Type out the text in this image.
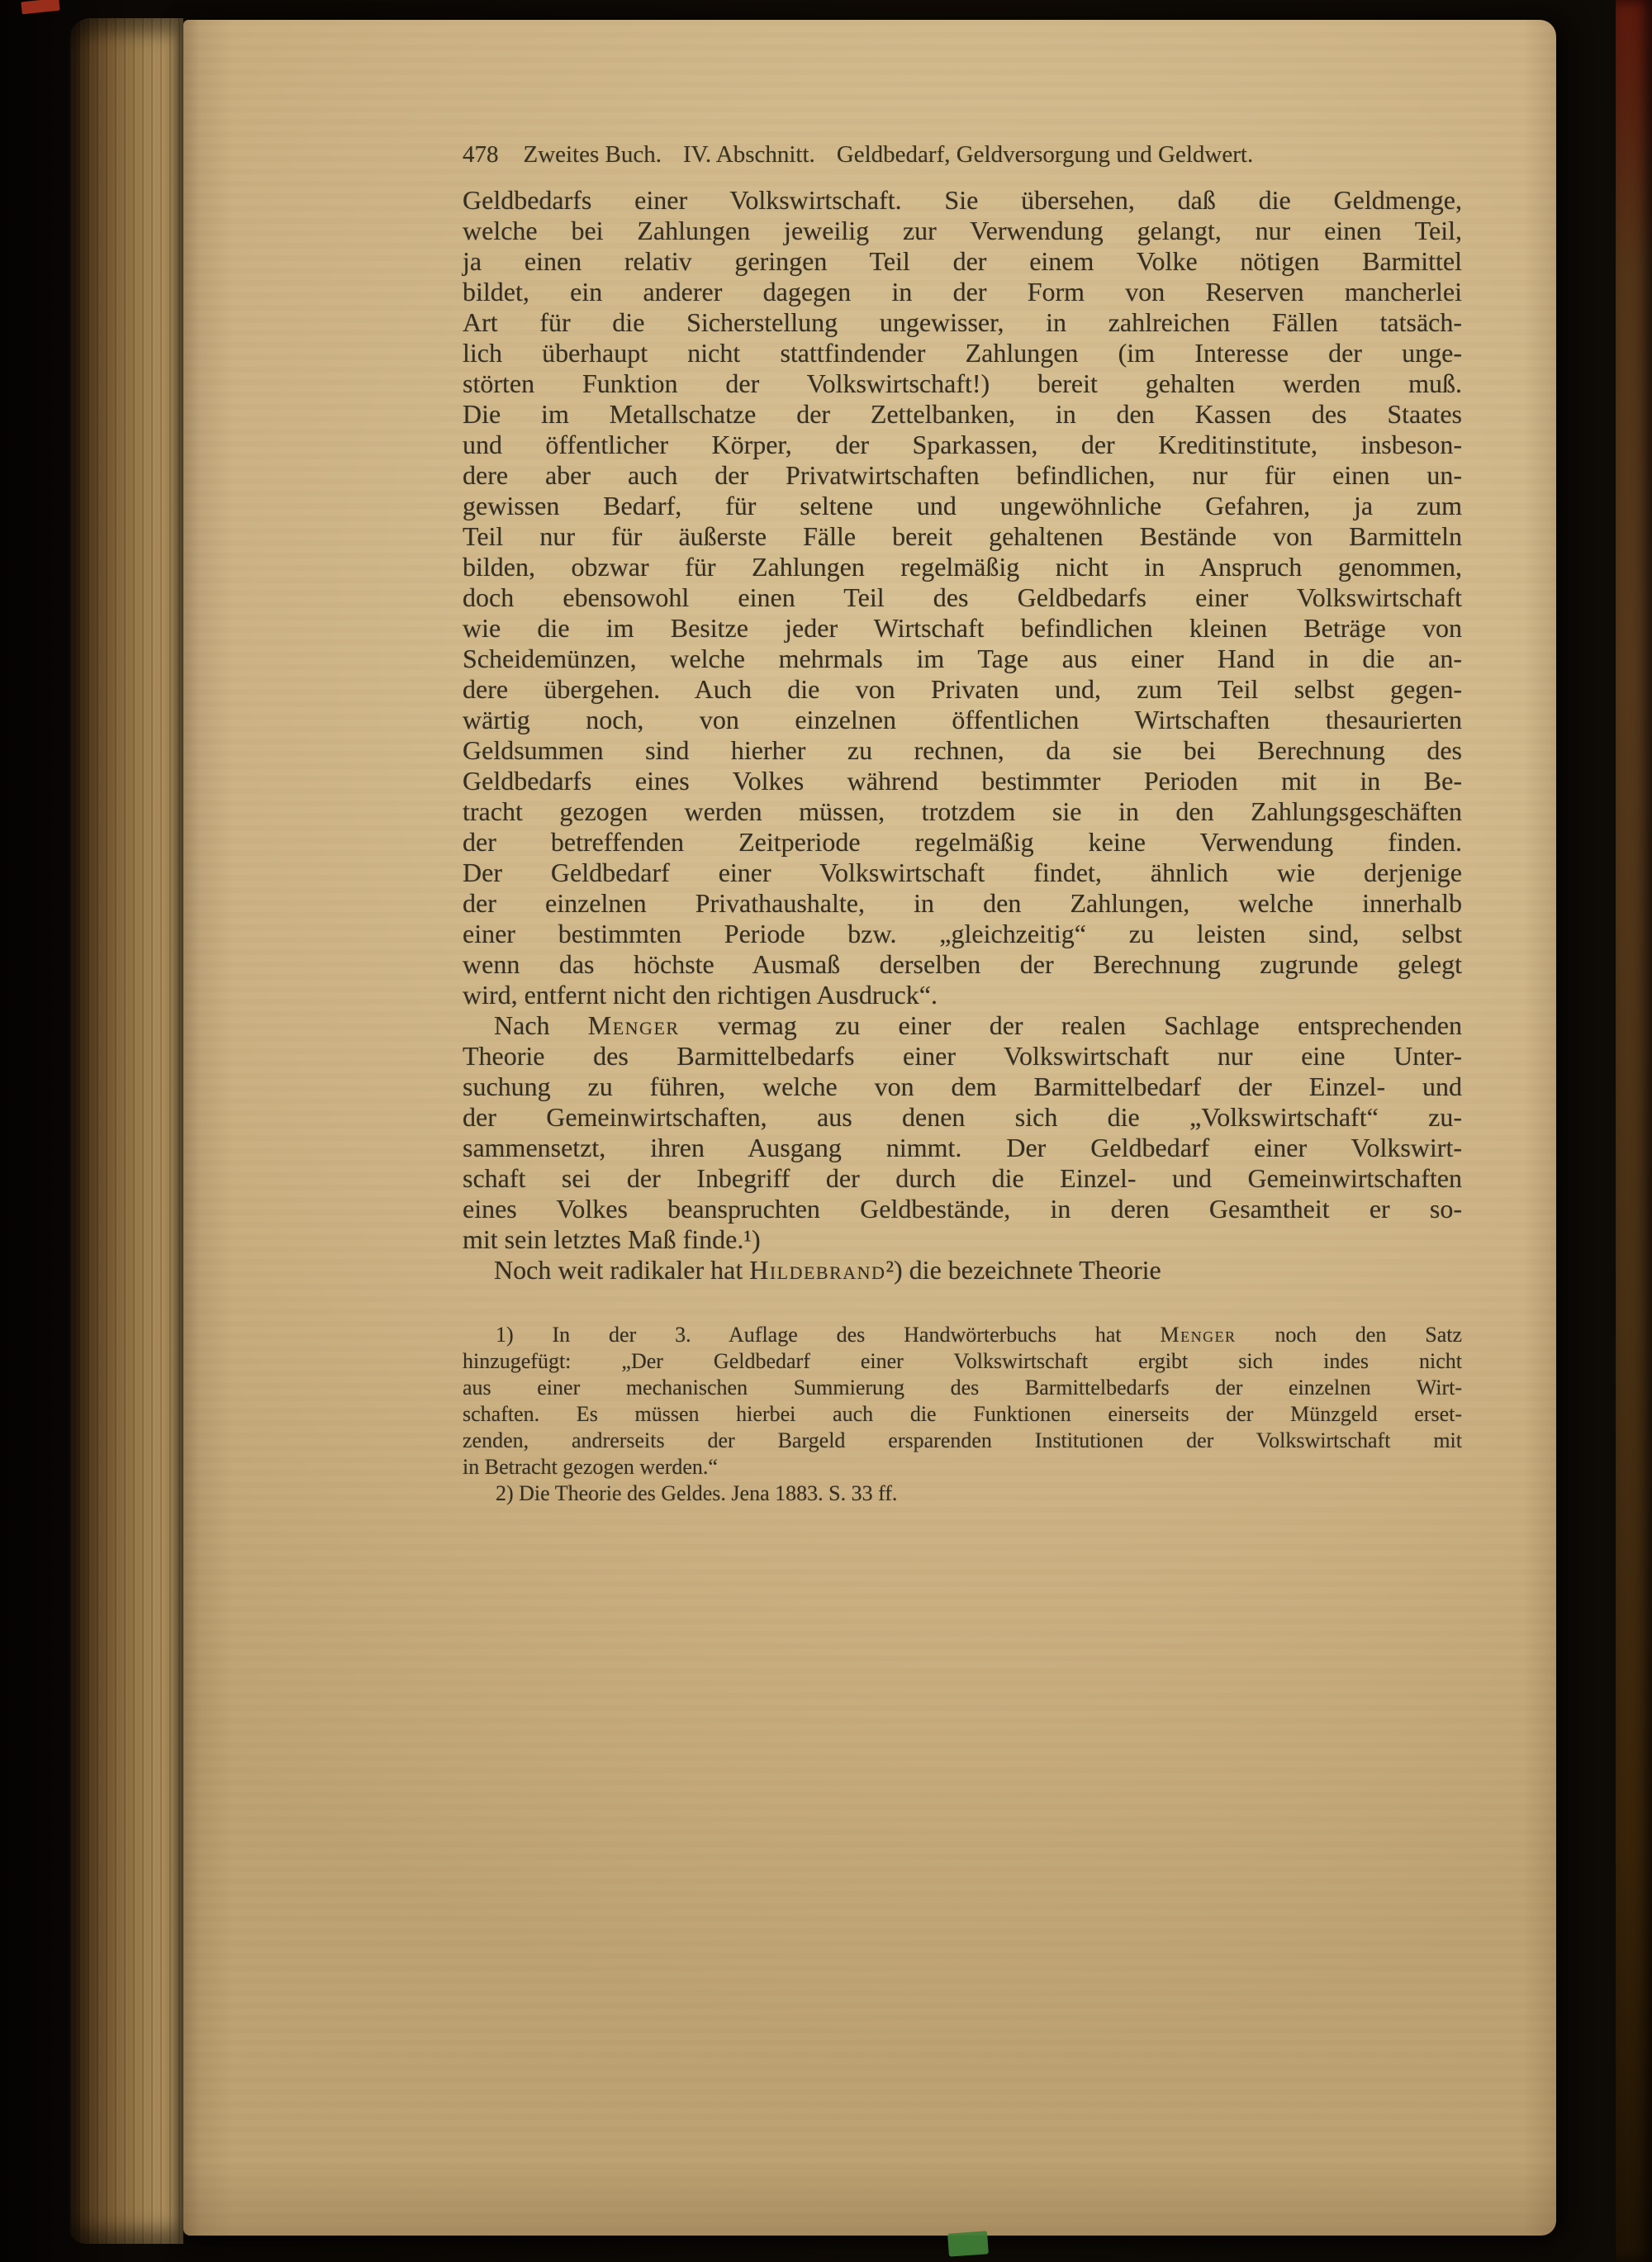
478 Zweites Buch. IV. Abschnitt. Geldbedarf, Geldversorgung und Geldwert.
Geldbedarfs einer Volkswirtschaft. Sie übersehen, daß die Geldmenge,
welche bei Zahlungen jeweilig zur Verwendung gelangt, nur einen Teil,
ja einen relativ geringen Teil der einem Volke nötigen Barmittel
bildet, ein anderer dagegen in der Form von Reserven mancherlei
Art für die Sicherstellung ungewisser, in zahlreichen Fällen tatsäch-
lich überhaupt nicht stattfindender Zahlungen (im Interesse der unge-
störten Funktion der Volkswirtschaft!) bereit gehalten werden muß.
Die im Metallschatze der Zettelbanken, in den Kassen des Staates
und öffentlicher Körper, der Sparkassen, der Kreditinstitute, insbeson-
dere aber auch der Privatwirtschaften befindlichen, nur für einen un-
gewissen Bedarf, für seltene und ungewöhnliche Gefahren, ja zum
Teil nur für äußerste Fälle bereit gehaltenen Bestände von Barmitteln
bilden, obzwar für Zahlungen regelmäßig nicht in Anspruch genommen,
doch ebensowohl einen Teil des Geldbedarfs einer Volkswirtschaft
wie die im Besitze jeder Wirtschaft befindlichen kleinen Beträge von
Scheidemünzen, welche mehrmals im Tage aus einer Hand in die an-
dere übergehen. Auch die von Privaten und, zum Teil selbst gegen-
wärtig noch, von einzelnen öffentlichen Wirtschaften thesaurierten
Geldsummen sind hierher zu rechnen, da sie bei Berechnung des
Geldbedarfs eines Volkes während bestimmter Perioden mit in Be-
tracht gezogen werden müssen, trotzdem sie in den Zahlungsgeschäften
der betreffenden Zeitperiode regelmäßig keine Verwendung finden.
Der Geldbedarf einer Volkswirtschaft findet, ähnlich wie derjenige
der einzelnen Privathaushalte, in den Zahlungen, welche innerhalb
einer bestimmten Periode bzw. „gleichzeitig“ zu leisten sind, selbst
wenn das höchste Ausmaß derselben der Berechnung zugrunde gelegt
wird, entfernt nicht den richtigen Ausdruck“.
Nach Menger vermag zu einer der realen Sachlage entsprechenden
Theorie des Barmittelbedarfs einer Volkswirtschaft nur eine Unter-
suchung zu führen, welche von dem Barmittelbedarf der Einzel- und
der Gemeinwirtschaften, aus denen sich die „Volkswirtschaft“ zu-
sammensetzt, ihren Ausgang nimmt. Der Geldbedarf einer Volkswirt-
schaft sei der Inbegriff der durch die Einzel- und Gemeinwirtschaften
eines Volkes beanspruchten Geldbestände, in deren Gesamtheit er so-
mit sein letztes Maß finde.¹)
Noch weit radikaler hat Hildebrand²) die bezeichnete Theorie
1) In der 3. Auflage des Handwörterbuchs hat Menger noch den Satz
hinzugefügt: „Der Geldbedarf einer Volkswirtschaft ergibt sich indes nicht
aus einer mechanischen Summierung des Barmittelbedarfs der einzelnen Wirt-
schaften. Es müssen hierbei auch die Funktionen einerseits der Münzgeld erset-
zenden, andrerseits der Bargeld ersparenden Institutionen der Volkswirtschaft mit
in Betracht gezogen werden.“
2) Die Theorie des Geldes. Jena 1883. S. 33 ff.
